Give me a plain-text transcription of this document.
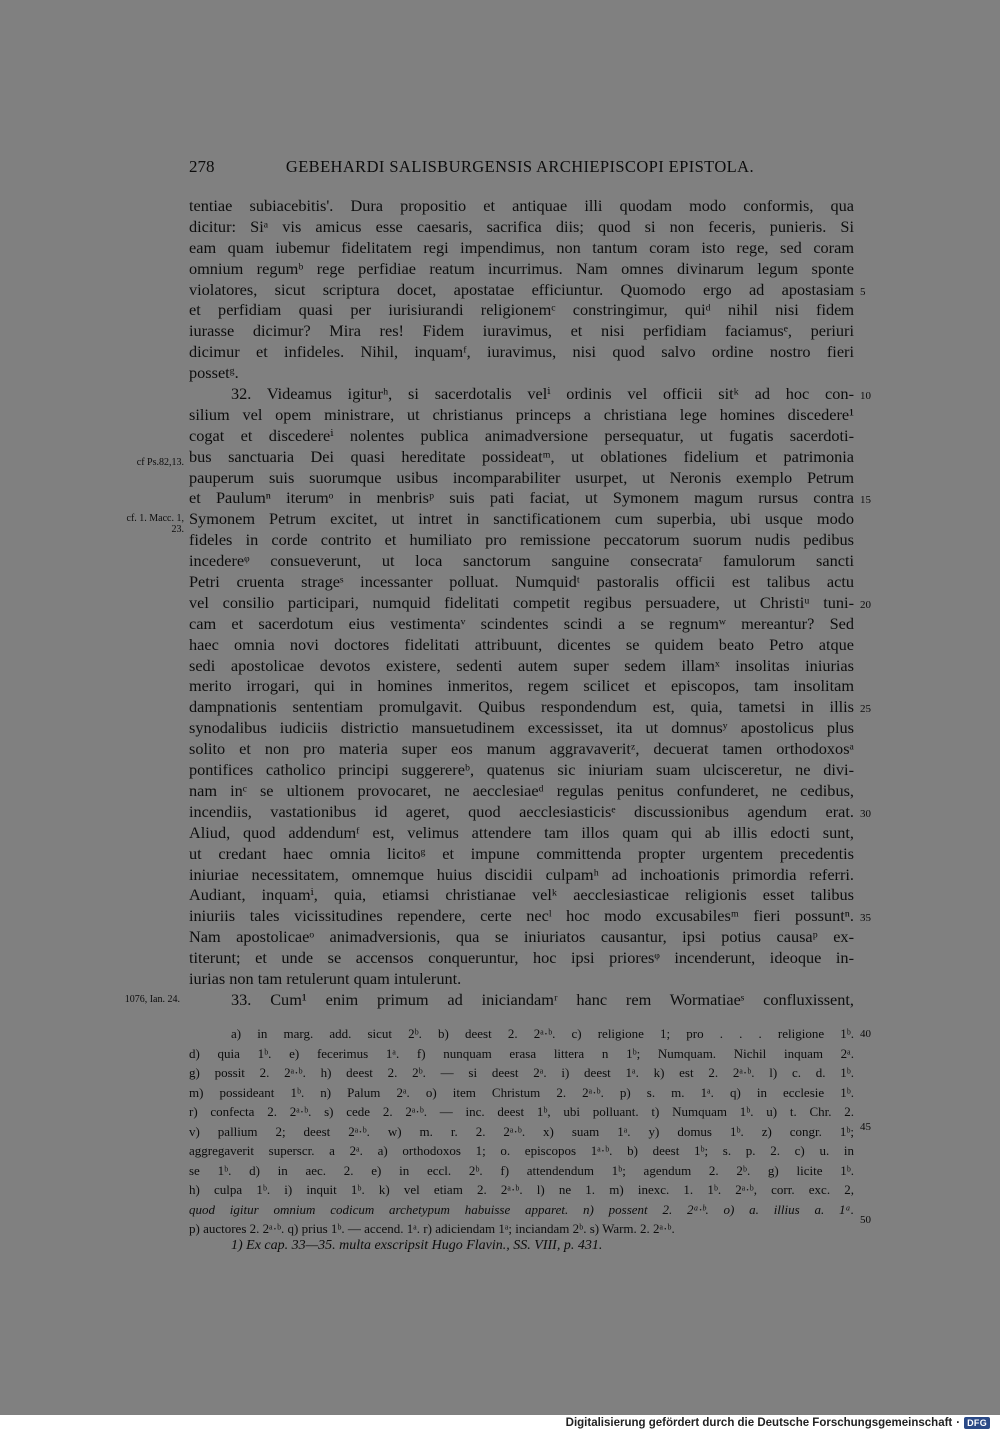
278	GEBEHARDI SALISBURGENSIS ARCHIEPISCOPI EPISTOLA.
tentiae subiacebitis'. Dura propositio et antiquae illi quodam modo conformis, qua
dicitur: Siᵃ vis amicus esse caesaris, sacrifica diis; quod si non feceris, punieris. Si
eam quam iubemur fidelitatem regi impendimus, non tantum coram isto rege, sed coram
omnium regumᵇ rege perfidiae reatum incurrimus. Nam omnes divinarum legum sponte
violatores, sicut scriptura docet, apostatae efficiuntur. Quomodo ergo ad apostasiam
et perfidiam quasi per iurisiurandi religionemᶜ constringimur, quiᵈ nihil nisi fidem
iurasse dicimur? Mira res! Fidem iuravimus, et nisi perfidiam faciamusᵉ, periuri
dicimur et infideles. Nihil, inquamᶠ, iuravimus, nisi quod salvo ordine nostro fieri
possetᵍ.
32. Videamus igiturʰ, si sacerdotalis velⁱ ordinis vel officii sitᵏ ad hoc con-
silium vel opem ministrare, ut christianus princeps a christiana lege homines discedere¹
cogat et discedereⁱ nolentes publica animadversione persequatur, ut fugatis sacerdoti-
bus sanctuaria Dei quasi hereditate possideatᵐ, ut oblationes fidelium et patrimonia
pauperum suis suorumque usibus incomparabiliter usurpet, ut Neronis exemplo Petrum
et Paulumⁿ iterumᵒ in menbrisᵖ suis pati faciat, ut Symonem magum rursus contra
Symonem Petrum excitet, ut intret in sanctificationem cum superbia, ubi usque modo
fideles in corde contrito et humiliato pro remissione peccatorum suorum nudis pedibus
incedereᵠ consueverunt, ut loca sanctorum sanguine consecrataʳ famulorum sancti
Petri cruenta strageˢ incessanter polluat. Numquidᵗ pastoralis officii est talibus actu
vel consilio participari, numquid fidelitati competit regibus persuadere, ut Christiᵘ tuni-
cam et sacerdotum eius vestimentaᵛ scindentes scindi a se regnumʷ mereantur? Sed
haec omnia novi doctores fidelitati attribuunt, dicentes se quidem beato Petro atque
sedi apostolicae devotos existere, sedenti autem super sedem illamˣ insolitas iniurias
merito irrogari, qui in homines inmeritos, regem scilicet et episcopos, tam insolitam
dampnationis sententiam promulgavit. Quibus respondendum est, quia, tametsi in illis
synodalibus iudiciis districtio mansuetudinem excessisset, ita ut domnusʸ apostolicus plus
solito et non pro materia super eos manum aggravaveritᶻ, decuerat tamen orthodoxosᵃ
pontifices catholico principi suggerereᵇ, quatenus sic iniuriam suam ulcisceretur, ne divi-
nam inᶜ se ultionem provocaret, ne aecclesiaeᵈ regulas penitus confunderet, ne cedibus,
incendiis, vastationibus id ageret, quod aecclesiasticisᵉ discussionibus agendum erat.
Aliud, quod addendumᶠ est, velimus attendere tam illos quam qui ab illis edocti sunt,
ut credant haec omnia licitoᵍ et impune committenda propter urgentem precedentis
iniuriae necessitatem, omnemque huius discidii culpamʰ ad inchoationis primordia referri.
Audiant, inquamⁱ, quia, etiamsi christianae velᵏ aecclesiasticae religionis esset talibus
iniuriis tales vicissitudines rependere, certe necˡ hoc modo excusabilesᵐ fieri possuntⁿ.
Nam apostolicaeᵒ animadversionis, qua se iniuriatos causantur, ipsi potius causaᵖ ex-
titerunt; et unde se accensos conqueruntur, hoc ipsi prioresᵠ incenderunt, ideoque in-
iurias non tam retulerunt quam intulerunt.
33. Cum¹ enim primum ad iniciandamʳ hanc rem Wormatiaeˢ confluxissent,
5
10
15
20
25
30
35
cf Ps.82,13.
cf. 1. Macc. 1, 23.
1076, Ian. 24.
a) in marg. add. sicut 2ᵇ. b) deest 2. 2ᵃ·ᵇ. c) religione 1; pro . . . religione 1ᵇ.
d) quia 1ᵇ. e) fecerimus 1ᵃ. f) nunquam erasa littera n 1ᵇ; Numquam. Nichil inquam 2ᵃ.
g) possit 2. 2ᵃ·ᵇ. h) deest 2. 2ᵇ. — si deest 2ᵃ. i) deest 1ᵃ. k) est 2. 2ᵃ·ᵇ. l) c. d. 1ᵇ.
m) possideant 1ᵇ. n) Palum 2ᵃ. o) item Christum 2. 2ᵃ·ᵇ. p) s. m. 1ᵃ. q) in ecclesie 1ᵇ.
r) confecta 2. 2ᵃ·ᵇ. s) cede 2. 2ᵃ·ᵇ. — inc. deest 1ᵇ, ubi polluant. t) Numquam 1ᵇ. u) t. Chr. 2.
v) pallium 2; deest 2ᵃ·ᵇ. w) m. r. 2. 2ᵃ·ᵇ. x) suam 1ᵃ. y) domus 1ᵇ. z) congr. 1ᵇ;
aggregaverit superscr. a 2ᵃ. a) orthodoxos 1; o. episcopos 1ᵃ·ᵇ. b) deest 1ᵇ; s. p. 2. c) u. in
se 1ᵇ. d) in aec. 2. e) in eccl. 2ᵇ. f) attendendum 1ᵇ; agendum 2. 2ᵇ. g) licite 1ᵇ.
h) culpa 1ᵇ. i) inquit 1ᵇ. k) vel etiam 2. 2ᵃ·ᵇ. l) ne 1. m) inexc. 1. 1ᵇ. 2ᵃ·ᵇ, corr. exc. 2,
quod igitur omnium codicum archetypum habuisse apparet. n) possent 2. 2ᵃ·ᵇ. o) a. illius a. 1ᵃ.
p) auctores 2. 2ᵃ·ᵇ. q) prius 1ᵇ. — accend. 1ᵃ. r) adiciendam 1ᵃ; inciandam 2ᵇ. s) Warm. 2. 2ᵃ·ᵇ.
40
45
50
1) Ex cap. 33—35. multa exscripsit Hugo Flavin., SS. VIII, p. 431.
Digitalisierung gefördert durch die Deutsche Forschungsgemeinschaft · DFG
